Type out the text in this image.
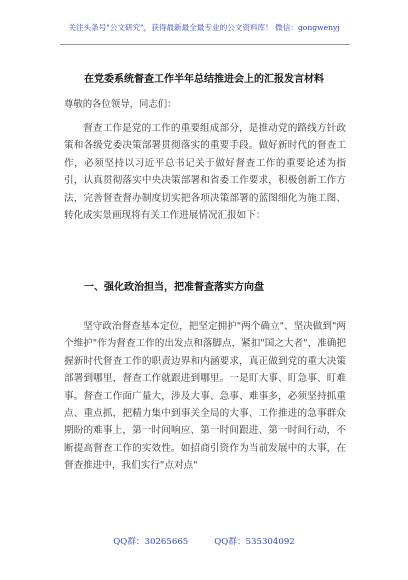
关注头条号"公文研究"，获得最新最全最专业的公文资料库！ 微信：gongwenyj
在党委系统督查工作半年总结推进会上的汇报发言材料
尊敬的各位领导，同志们：

督查工作是党的工作的重要组成部分，是推动党的路线方针政策和各级党委决策部署贯彻落实的重要手段。做好新时代的督查工作，必须坚持以习近平总书记关于做好督查工作的重要论述为指引，认真贯彻落实中央决策部署和省委工作要求，积极创新工作方法，完善督查督办制度切实把各项决策部署的蓝图细化为施工图、转化成实景画现将有关工作进展情况汇报如下：

一、强化政治担当，把准督查落实方向盘

坚守政治督查基本定位，把坚定拥护"两个确立"、坚决做到"两个维护"作为督查工作的出发点和落脚点，紧扣"国之大者"，准确把握新时代督查工作的职责边界和内涵要求，真正做到党的重大决策部署到哪里，督查工作就跟进到哪里。一是盯大事、盯急事、盯难事。督查工作面广量大，涉及大事、急事、难事多，必须坚持抓重点、重点抓，把精力集中到事关全局的大事、工作推进的急事群众期盼的难事上，第一时间响应、第一时间跟进、第一时间行动，不断提高督查工作的实效性。如招商引资作为当前发展中的大事，在督查推进中，我们实行"点对点"

QQ群：30265665	QQ群：535304092
